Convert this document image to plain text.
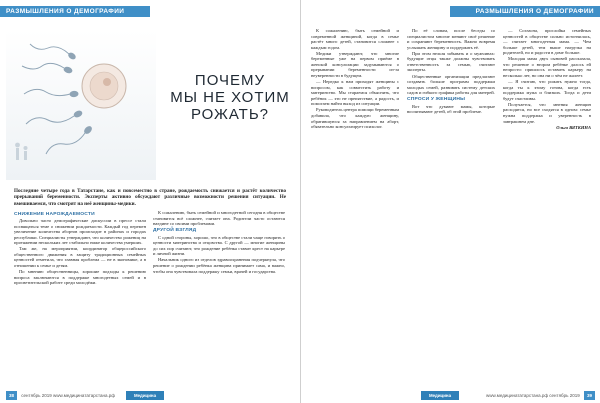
РАЗМЫШЛЕНИЯ О ДЕМОГРАФИИ
ПОЧЕМУ
МЫ НЕ ХОТИМ
РОЖАТЬ?
Последние четыре года в Татарстане, как и повсеместно в стране, рождаемость снижается и растёт количество прерываний беременности. Эксперты активно обсуждают различные возможности решения ситуации. Не вмешиваемся, что смотрят на неё женщины-медики.
СНИЖЕНИЕ НАРОЖДАЕМОСТИ

Довольно часто демографические дискуссии в прессе стали посвящаться теме о снижении рождаемости. Каждый год перемен увеличение количества абортов происходит в районах и городах республики. Специалисты утверждают, что количество рожениц на протяжении нескольких лет стабильно ниже количества умерших.

Там же, на мероприятии, координатор общероссийского общественного движения в защиту традиционных семейных ценностей отметила, что главная проблема — не в экономике, а в отношении к семье и детям.

По мнению общественницы, хорошие подходы к решению вопроса заключаются в поддержке многодетных семей и в просветительской работе среди молодёжи.

К сожалению, быть семейной и многодетной сегодня в обществе становится всё сложнее, считает она. Родители часто остаются наедине со своими проблемами.

ДРУГОЙ ВЗГЛЯД

С одной стороны, хорошо, что в обществе стали чаще говорить о ценности материнства и отцовства. С другой — многие женщины до сих пор считают, что рождение ребёнка ставит крест на карьере и личной жизни.

Начальник одного из отделов здравоохранения подчеркнула, что решение о рождении ребёнка женщина принимает сама, и важно, чтобы она чувствовала поддержку семьи, врачей и государства.

38 сентябрь 2019 www.медицинататарстана.рф	Медицина
РАЗМЫШЛЕНИЯ О ДЕМОГРАФИИ

К сожалению, быть семейной и современной женщиной, когда в семье растёт много детей, становится сложнее с каждым годом.

Медики утверждают, что многие беременные уже на первом приёме в женской консультации задумываются о прерывании беременности из-за неуверенности в будущем.

— Нередко к нам приходят женщины с вопросом, как совместить работу и материнство. Мы стараемся объяснить, что ребёнок — это не препятствие, а радость, и помогаем найти выход из ситуации.

Руководитель центра помощи беременным добавила, что каждую женщину, обратившуюся за направлением на аборт, обязательно консультирует психолог.

По её словам, после беседы со специалистом многие меняют своё решение и сохраняют беременность. Важно вовремя услышать женщину и поддержать её.

При этом нельзя забывать и о мужчинах: будущие отцы также должны чувствовать ответственность за семью, считают эксперты.

Общественные организации предлагают создавать больше программ поддержки молодых семей, развивать систему детских садов и гибкого графика работы для матерей.

СПРОСИ У ЖЕНЩИНЫ

Вот что думают мамы, которые воспитывают детей, об этой проблеме.

— Согласна, прослойка семейных ценностей в обществе сильно истончилась, — считает многодетная мама. — Чем больше детей, тем выше нагрузка на родителей, но и радости в доме больше.

Молодая мама двух сыновей рассказала, что решение о втором ребёнке далось ей непросто: пришлось оставить карьеру на несколько лет, но она ни о чём не жалеет.

— Я считаю, что рожать нужно тогда, когда ты к этому готова, когда есть поддержка мужа и близких. Тогда и дети будут счастливы.

Получается, что мнения женщин расходятся, но все сходятся в одном: семье нужна поддержка и уверенность в завтрашнем дне.

Ольга ВЯТКИНА

Медицина	www.медицинататарстана.рф сентябрь 2019 39
